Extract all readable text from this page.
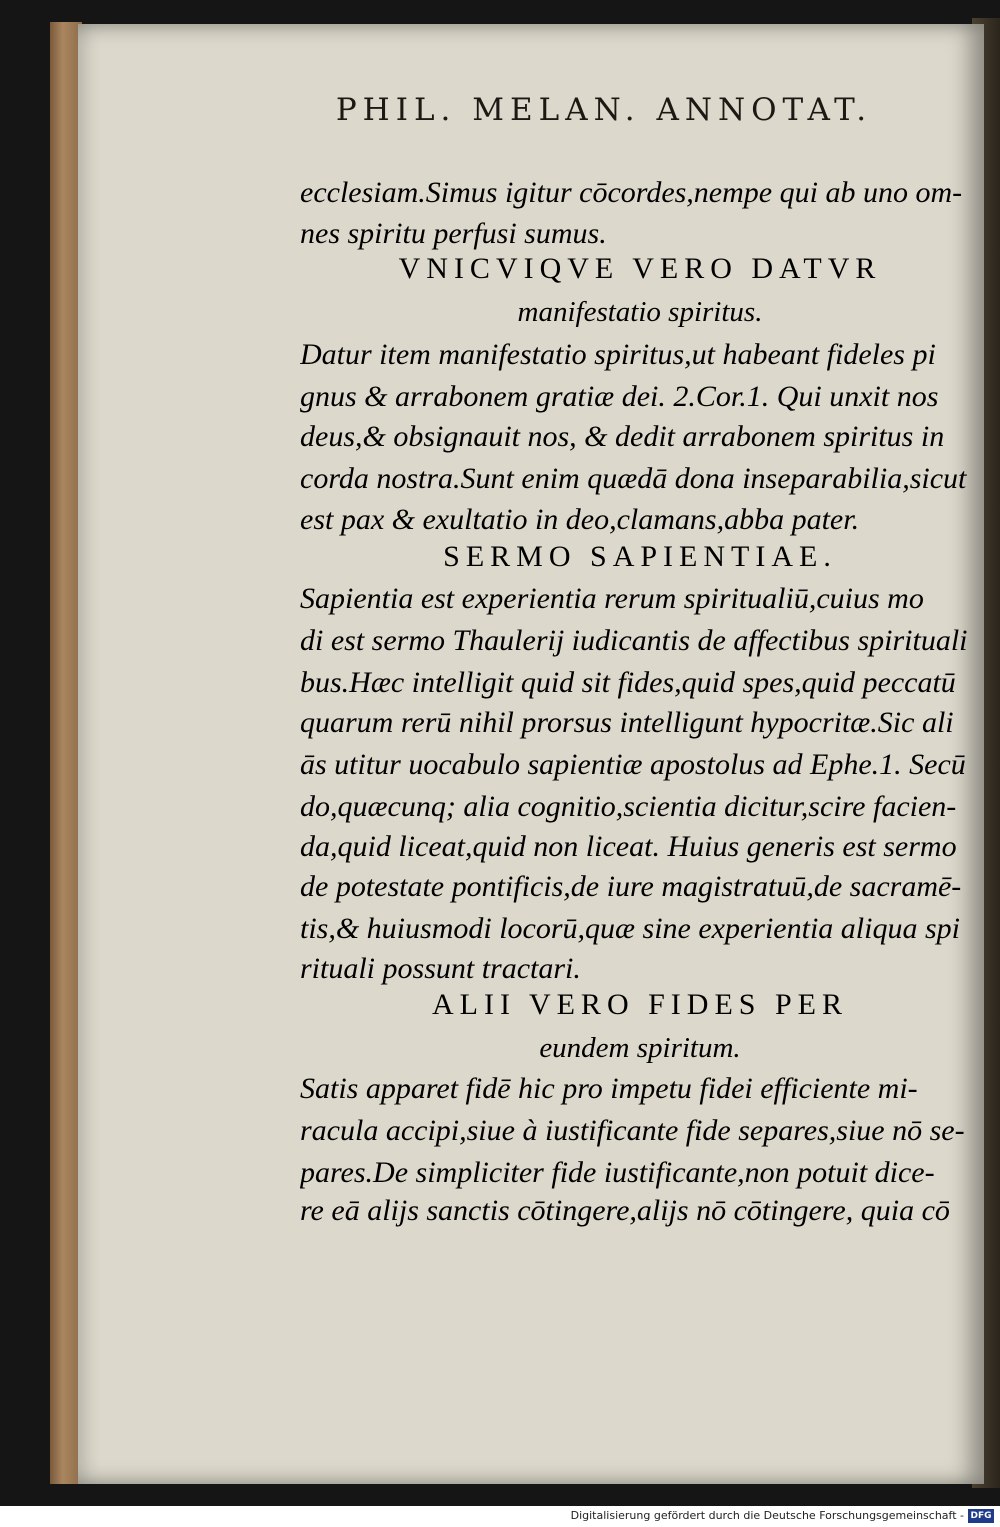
PHIL. MELAN. ANNOTAT.
ecclesiam.Simus igitur cōcordes,nempe qui ab uno om-
nes spiritu perfusi sumus.
VNICVIQVE VERO DATVR
manifestatio spiritus.
Datur item manifestatio spiritus,ut habeant fideles pi
gnus & arrabonem gratiæ dei. 2.Cor.1. Qui unxit nos
deus,& obsignauit nos, & dedit arrabonem spiritus in
corda nostra.Sunt enim quædā dona inseparabilia,sicut
est pax & exultatio in deo,clamans,abba pater.
SERMO SAPIENTIAE.
Sapientia est experientia rerum spiritualiū,cuius mo
di est sermo Thaulerij iudicantis de affectibus spirituali
bus.Hæc intelligit quid sit fides,quid spes,quid peccatū
quarum rerū nihil prorsus intelligunt hypocritæ.Sic ali
ās utitur uocabulo sapientiæ apostolus ad Ephe.1. Secū
do,quæcunq; alia cognitio,scientia dicitur,scire facien-
da,quid liceat,quid non liceat. Huius generis est sermo
de potestate pontificis,de iure magistratuū,de sacramē-
tis,& huiusmodi locorū,quæ sine experientia aliqua spi
rituali possunt tractari.
ALII VERO FIDES PER
eundem spiritum.
Satis apparet fidē hic pro impetu fidei efficiente mi-
racula accipi,siue à iustificante fide separes,siue nō se-
pares.De simpliciter fide iustificante,non potuit dice-
re eā alijs sanctis cōtingere,alijs nō cōtingere, quia cō
Digitalisierung gefördert durch die Deutsche Forschungsgemeinschaft - DFG
